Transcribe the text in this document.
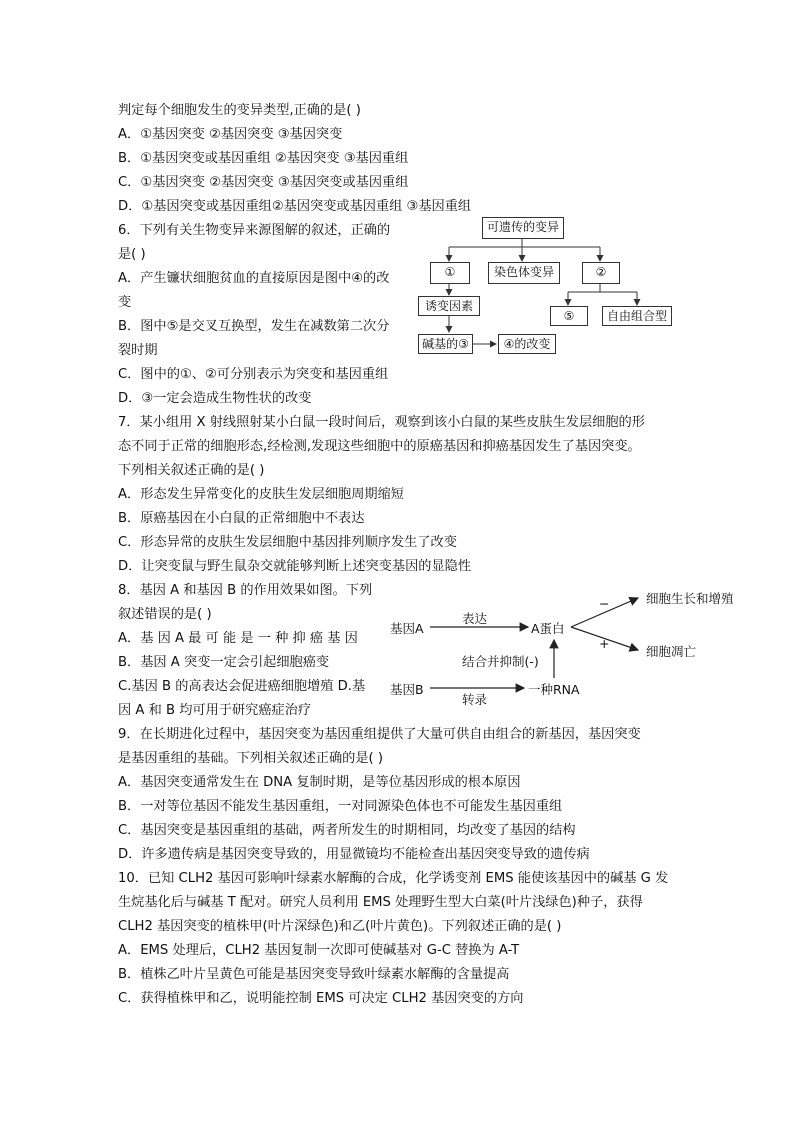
判定每个细胞发生的变异类型,正确的是( )
A．①基因突变 ②基因突变 ③基因突变
B．①基因突变或基因重组 ②基因突变 ③基因重组
C．①基因突变 ②基因突变 ③基因突变或基因重组
D．①基因突变或基因重组②基因突变或基因重组 ③基因重组
6．下列有关生物变异来源图解的叙述，正确的
是( )
A．产生镰状细胞贫血的直接原因是图中④的改
变
B．图中⑤是交叉互换型，发生在减数第二次分
裂时期
C．图中的①、②可分别表示为突变和基因重组
D．③一定会造成生物性状的改变
可遗传的变异
①	染色体变异	②
诱变因素
⑤	自由组合型
碱基的③	④的改变
7．某小组用 X 射线照射某小白鼠一段时间后，观察到该小白鼠的某些皮肤生发层细胞的形
态不同于正常的细胞形态,经检测,发现这些细胞中的原癌基因和抑癌基因发生了基因突变。
下列相关叙述正确的是( )
A．形态发生异常变化的皮肤生发层细胞周期缩短
B．原癌基因在小白鼠的正常细胞中不表达
C．形态异常的皮肤生发层细胞中基因排列顺序发生了改变
D．让突变鼠与野生鼠杂交就能够判断上述突变基因的显隐性
8．基因 A 和基因 B 的作用效果如图。下列
叙述错误的是( )
A．基 因 A 最 可 能 是 一 种 抑 癌 基 因
B．基因 A 突变一定会引起细胞癌变
C.基因 B 的高表达会促进癌细胞增殖 D.基
因 A 和 B 均可用于研究癌症治疗
基因A
表达
A蛋白
−
+
细胞生长和增殖
细胞凋亡
结合并抑制(-)
基因B
转录
一种RNA
9．在长期进化过程中，基因突变为基因重组提供了大量可供自由组合的新基因，基因突变
是基因重组的基础。下列相关叙述正确的是( )
A．基因突变通常发生在 DNA 复制时期，是等位基因形成的根本原因
B．一对等位基因不能发生基因重组，一对同源染色体也不可能发生基因重组
C．基因突变是基因重组的基础，两者所发生的时期相同，均改变了基因的结构
D．许多遗传病是基因突变导致的，用显微镜均不能检查出基因突变导致的遗传病
10．已知 CLH2 基因可影响叶绿素水解酶的合成，化学诱变剂 EMS 能使该基因中的碱基 G 发
生烷基化后与碱基 T 配对。研究人员利用 EMS 处理野生型大白菜(叶片浅绿色)种子，获得
CLH2 基因突变的植株甲(叶片深绿色)和乙(叶片黄色)。下列叙述正确的是( )
A．EMS 处理后，CLH2 基因复制一次即可使碱基对 G-C 替换为 A-T
B．植株乙叶片呈黄色可能是基因突变导致叶绿素水解酶的含量提高
C．获得植株甲和乙，说明能控制 EMS 可决定 CLH2 基因突变的方向
